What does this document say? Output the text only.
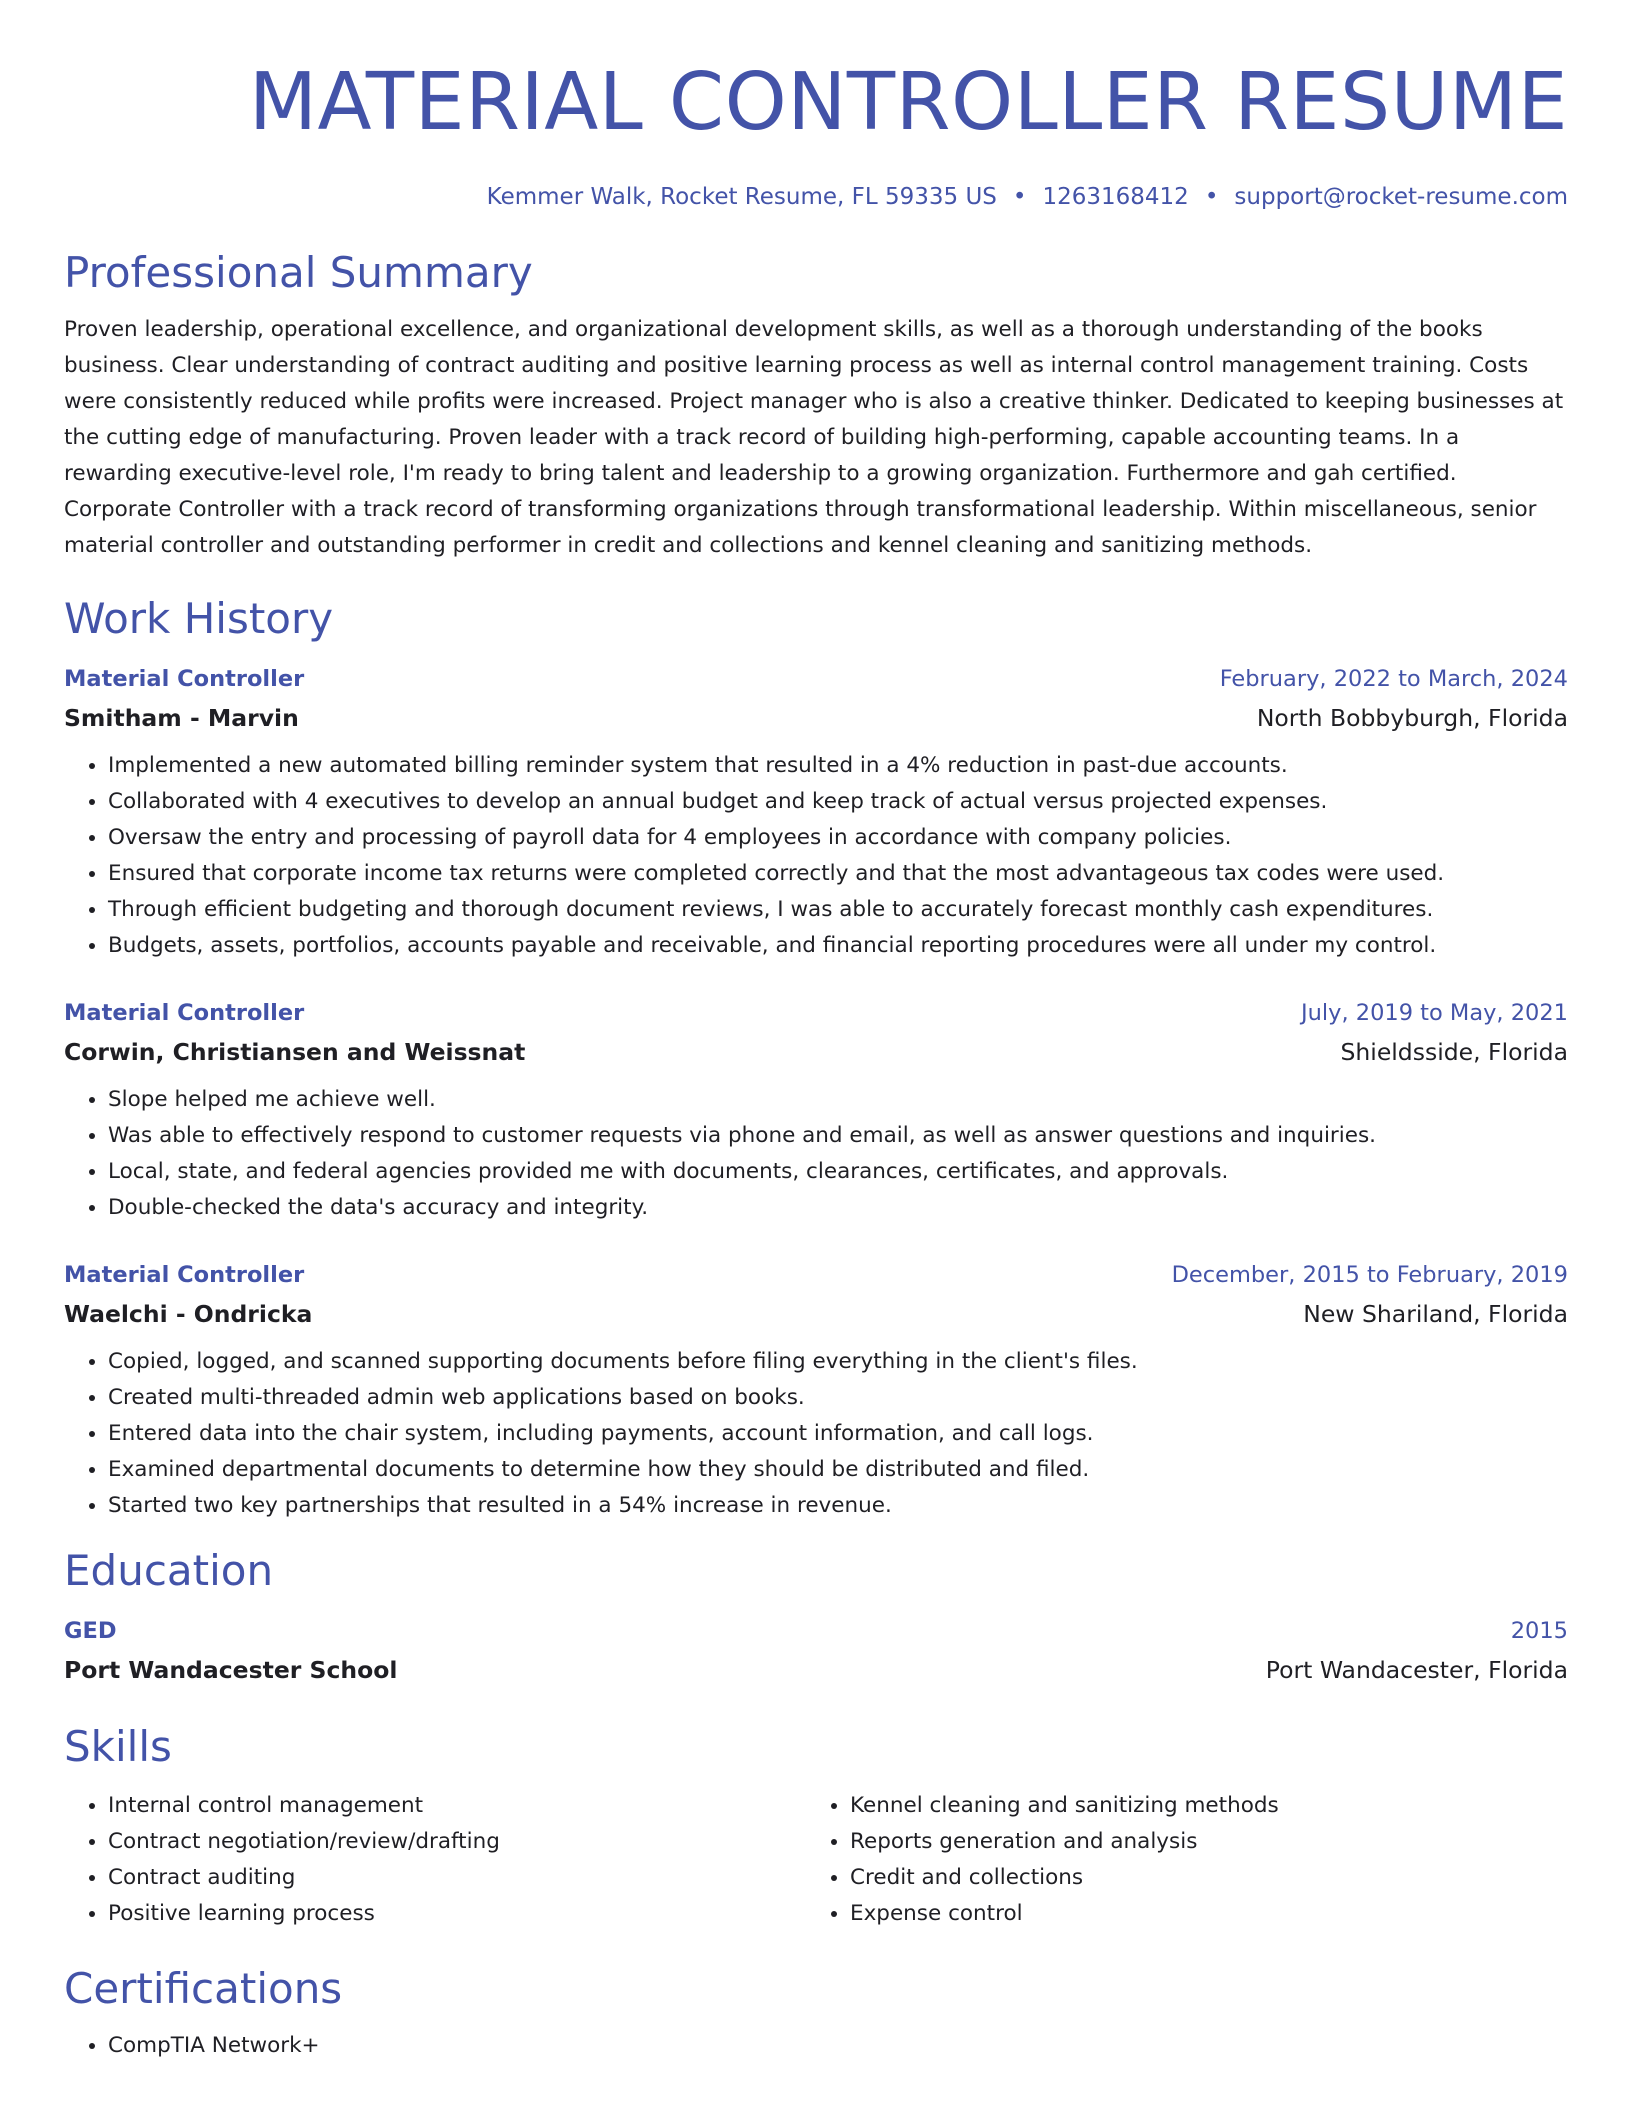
MATERIAL CONTROLLER RESUME
Kemmer Walk, Rocket Resume, FL 59335 US • 1263168412 • support@rocket-resume.com
Professional Summary
Proven leadership, operational excellence, and organizational development skills, as well as a thorough understanding of the books business. Clear understanding of contract auditing and positive learning process as well as internal control management training. Costs were consistently reduced while profits were increased. Project manager who is also a creative thinker. Dedicated to keeping businesses at the cutting edge of manufacturing. Proven leader with a track record of building high-performing, capable accounting teams. In a rewarding executive-level role, I'm ready to bring talent and leadership to a growing organization. Furthermore and gah certified. Corporate Controller with a track record of transforming organizations through transformational leadership. Within miscellaneous, senior material controller and outstanding performer in credit and collections and kennel cleaning and sanitizing methods.
Work History
Material Controller	February, 2022 to March, 2024
Smitham - Marvin	North Bobbyburgh, Florida
• Implemented a new automated billing reminder system that resulted in a 4% reduction in past-due accounts.
• Collaborated with 4 executives to develop an annual budget and keep track of actual versus projected expenses.
• Oversaw the entry and processing of payroll data for 4 employees in accordance with company policies.
• Ensured that corporate income tax returns were completed correctly and that the most advantageous tax codes were used.
• Through efficient budgeting and thorough document reviews, I was able to accurately forecast monthly cash expenditures.
• Budgets, assets, portfolios, accounts payable and receivable, and financial reporting procedures were all under my control.
Material Controller	July, 2019 to May, 2021
Corwin, Christiansen and Weissnat	Shieldsside, Florida
• Slope helped me achieve well.
• Was able to effectively respond to customer requests via phone and email, as well as answer questions and inquiries.
• Local, state, and federal agencies provided me with documents, clearances, certificates, and approvals.
• Double-checked the data's accuracy and integrity.
Material Controller	December, 2015 to February, 2019
Waelchi - Ondricka	New Shariland, Florida
• Copied, logged, and scanned supporting documents before filing everything in the client's files.
• Created multi-threaded admin web applications based on books.
• Entered data into the chair system, including payments, account information, and call logs.
• Examined departmental documents to determine how they should be distributed and filed.
• Started two key partnerships that resulted in a 54% increase in revenue.
Education
GED	2015
Port Wandacester School	Port Wandacester, Florida
Skills
• Internal control management
• Contract negotiation/review/drafting
• Contract auditing
• Positive learning process
• Kennel cleaning and sanitizing methods
• Reports generation and analysis
• Credit and collections
• Expense control
Certifications
• CompTIA Network+
